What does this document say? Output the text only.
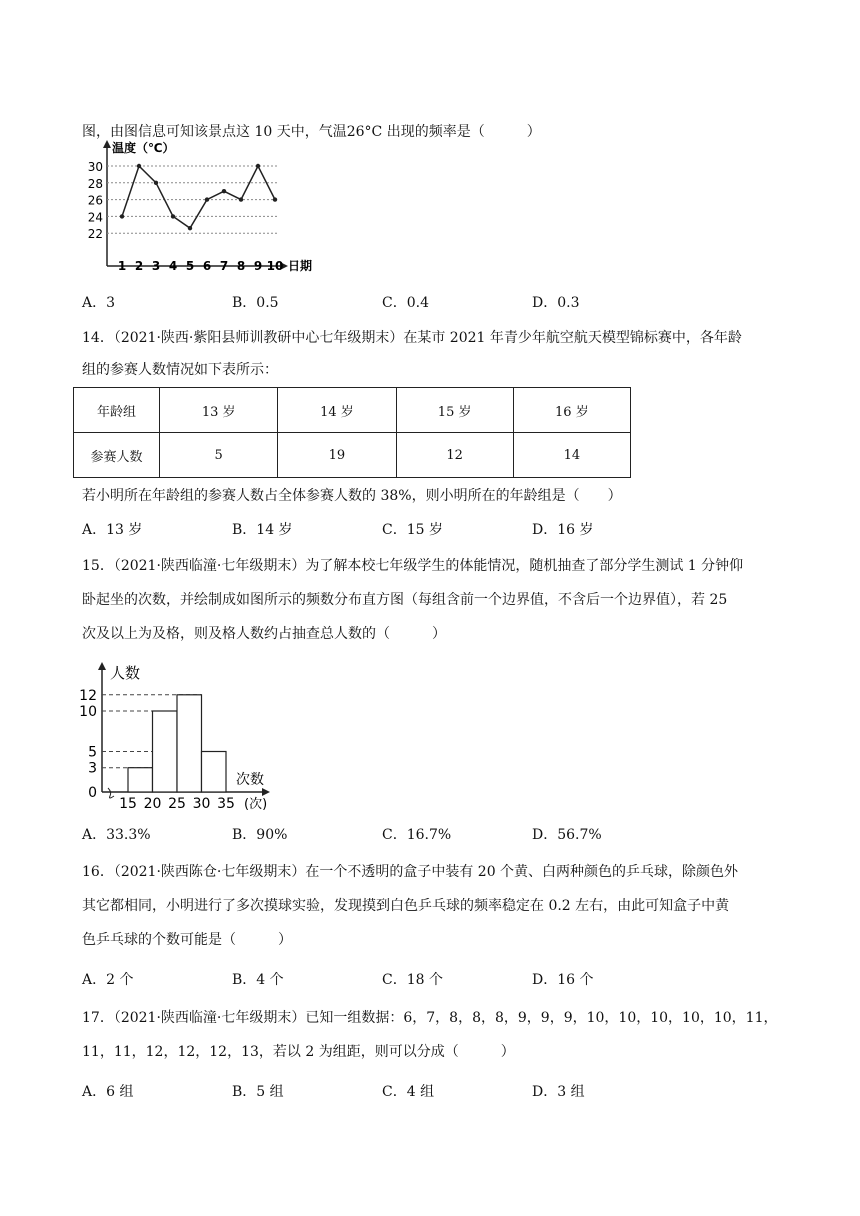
图，由图信息可知该景点这 10 天中，气温26°C 出现的频率是（　　　）
温度（℃）
日期
22
24
26
28
30
1 2 3 4 5 6 7 8 9 10
A．3	B．0.5	C．0.4	D．0.3
14．（2021·陕西·紫阳县师训教研中心七年级期末）在某市 2021 年青少年航空航天模型锦标赛中，各年龄
组的参赛人数情况如下表所示：
年龄组	13 岁	14 岁	15 岁	16 岁
参赛人数	5	19	12	14
若小明所在年龄组的参赛人数占全体参赛人数的 38%，则小明所在的年龄组是（　　）
A．13 岁	B．14 岁	C．15 岁	D．16 岁
15．（2021·陕西临潼·七年级期末）为了解本校七年级学生的体能情况，随机抽查了部分学生测试 1 分钟仰
卧起坐的次数，并绘制成如图所示的频数分布直方图（每组含前一个边界值，不含后一个边界值），若 25
次及以上为及格，则及格人数约占抽查总人数的（　　　）
人数
次数
(次)
0
3
5
10
12
15 20 25 30 35
A．33.3%	B．90%	C．16.7%	D．56.7%
16．（2021·陕西陈仓·七年级期末）在一个不透明的盒子中装有 20 个黄、白两种颜色的乒乓球，除颜色外
其它都相同，小明进行了多次摸球实验，发现摸到白色乒乓球的频率稳定在 0.2 左右，由此可知盒子中黄
色乒乓球的个数可能是（　　　）
A．2 个	B．4 个	C．18 个	D．16 个
17．（2021·陕西临潼·七年级期末）已知一组数据：6，7，8，8，8，9，9，9，10，10，10，10，10，11，
11，11，12，12，12，13，若以 2 为组距，则可以分成（　　　）
A．6 组	B．5 组	C．4 组	D．3 组
